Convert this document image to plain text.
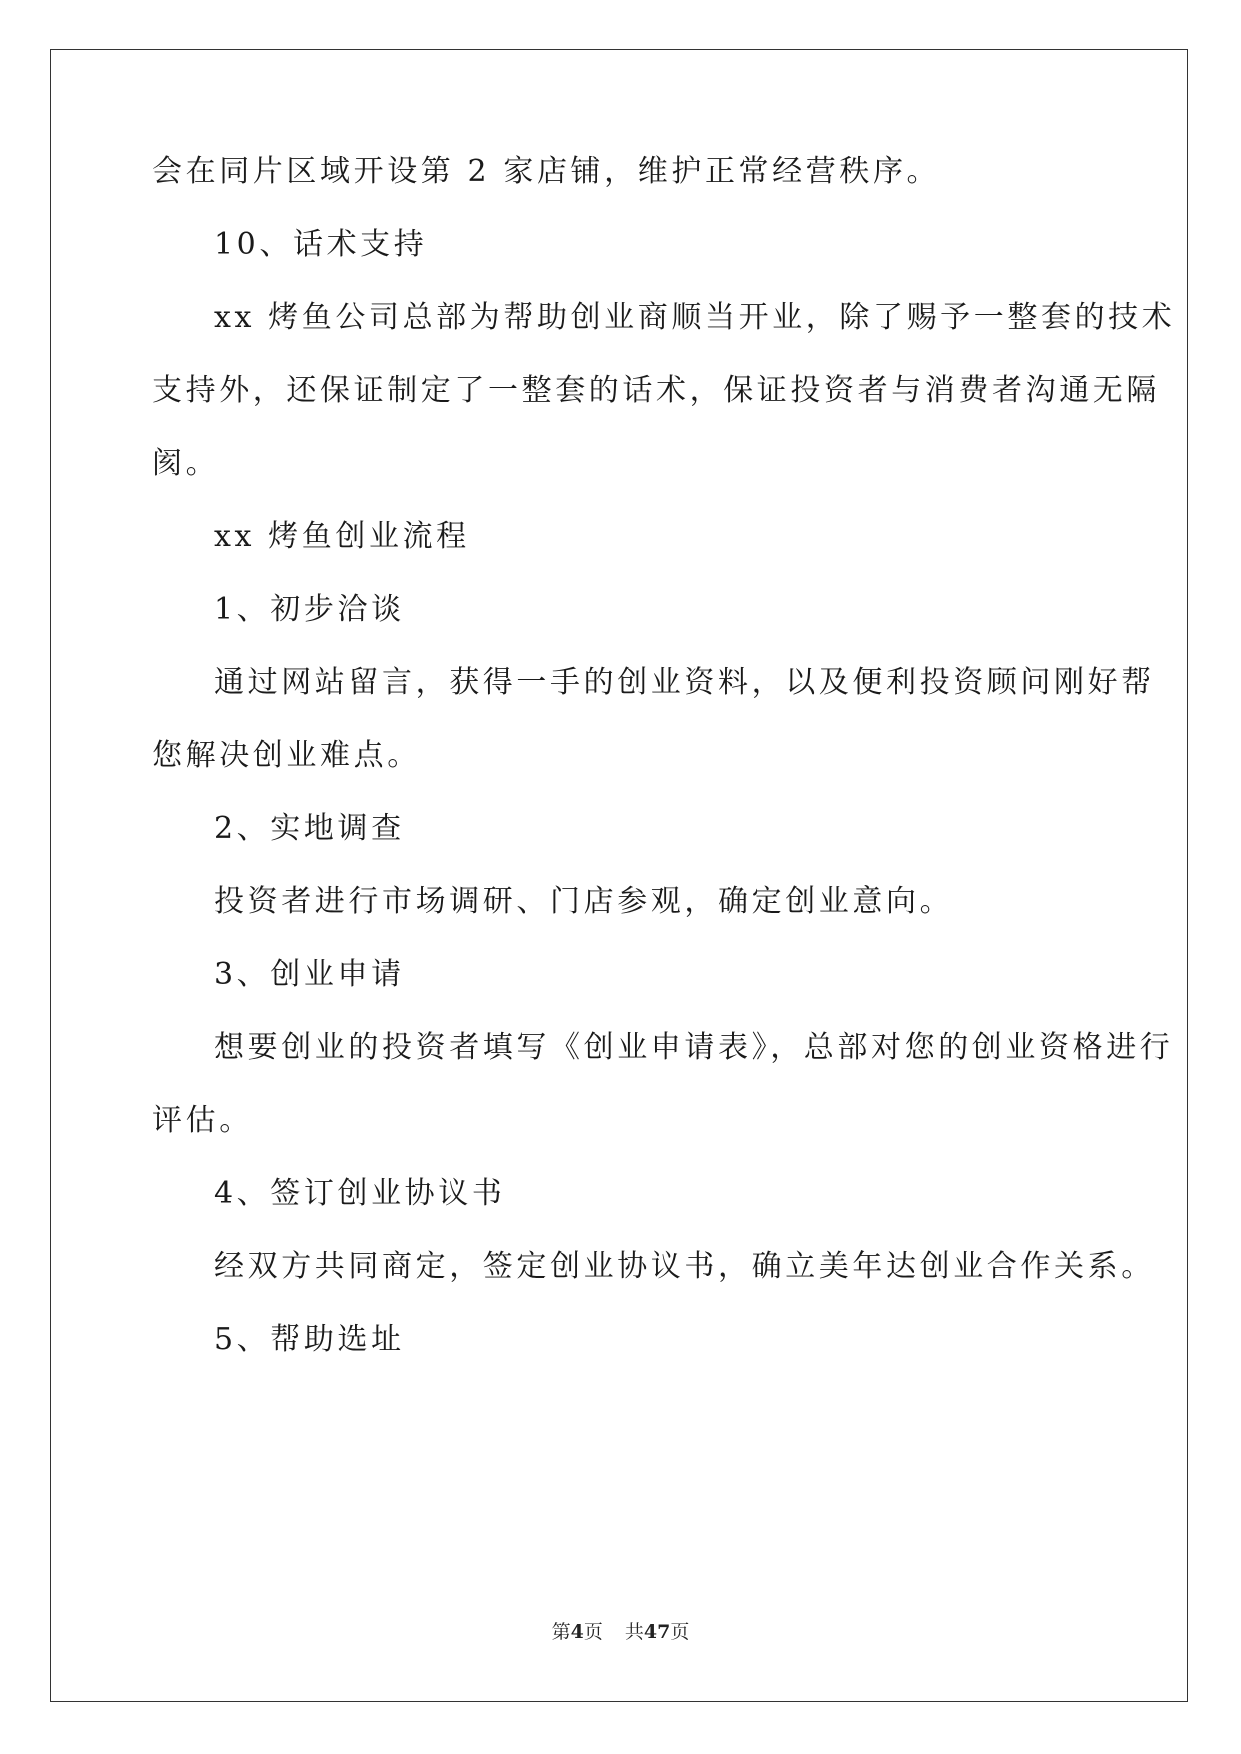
会在同片区域开设第 2 家店铺，维护正常经营秩序。
10、话术支持
xx 烤鱼公司总部为帮助创业商顺当开业，除了赐予一整套的技术
支持外，还保证制定了一整套的话术，保证投资者与消费者沟通无隔
阂。
xx 烤鱼创业流程
1、初步洽谈
通过网站留言，获得一手的创业资料，以及便利投资顾问刚好帮
您解决创业难点。
2、实地调查
投资者进行市场调研、门店参观，确定创业意向。
3、创业申请
想要创业的投资者填写《创业申请表》，总部对您的创业资格进行
评估。
4、签订创业协议书
经双方共同商定，签定创业协议书，确立美年达创业合作关系。
5、帮助选址
第4页 共47页
